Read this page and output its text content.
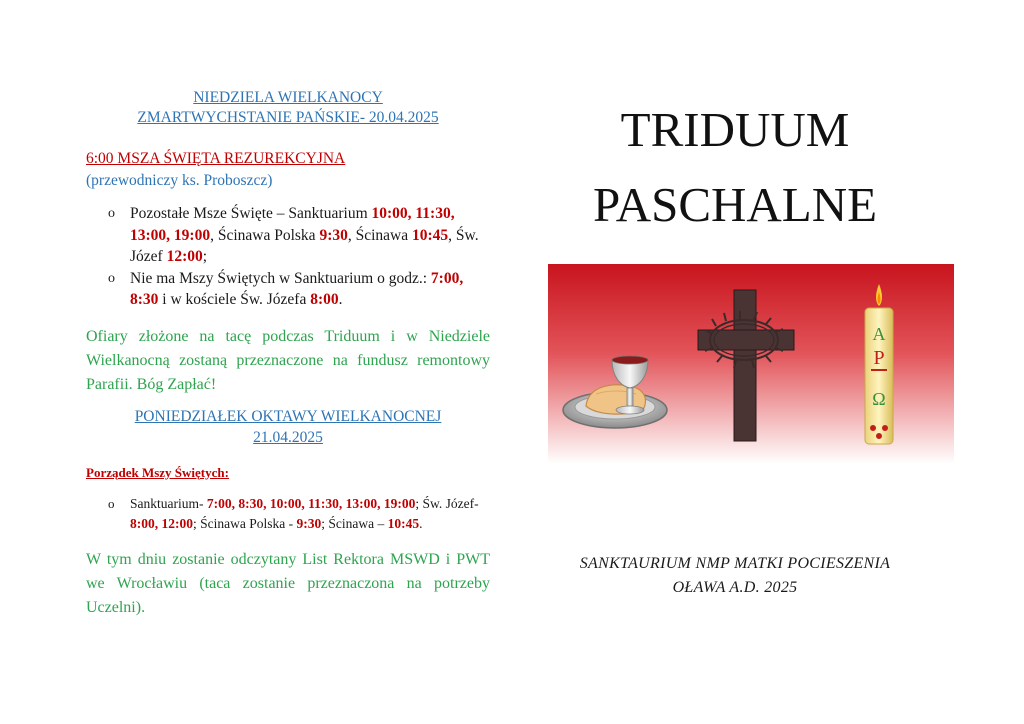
NIEDZIELA WIELKANOCY

ZMARTWYCHSTANIE PAŃSKIE- 20.04.2025

6:00 MSZA ŚWIĘTA REZUREKCYJNA

(przewodniczy ks. Proboszcz)

o Pozostałe Msze Święte – Sanktuarium 10:00, 11:30, 13:00, 19:00, Ścinawa Polska 9:30, Ścinawa 10:45, Św. Józef 12:00;
o Nie ma Mszy Świętych w Sanktuarium o godz.: 7:00, 8:30 i w kościele Św. Józefa 8:00.

Ofiary złożone na tacę podczas Triduum i w Niedziele Wielkanocną zostaną przeznaczone na fundusz remontowy Parafii. Bóg Zapłać!

PONIEDZIAŁEK OKTAWY WIELKANOCNEJ

21.04.2025

Porządek Mszy Świętych:

o Sanktuarium- 7:00, 8:30, 10:00, 11:30, 13:00, 19:00; Św. Józef- 8:00, 12:00; Ścinawa Polska - 9:30; Ścinawa – 10:45.

W tym dniu zostanie odczytany List Rektora MSWD i PWT we Wrocławiu (taca zostanie przeznaczona na potrzeby Uczelni).

TRIDUUM
PASCHALNE
A
P
Ω
SANKTAURIUM NMP MATKI POCIESZENIA
OŁAWA A.D. 2025
